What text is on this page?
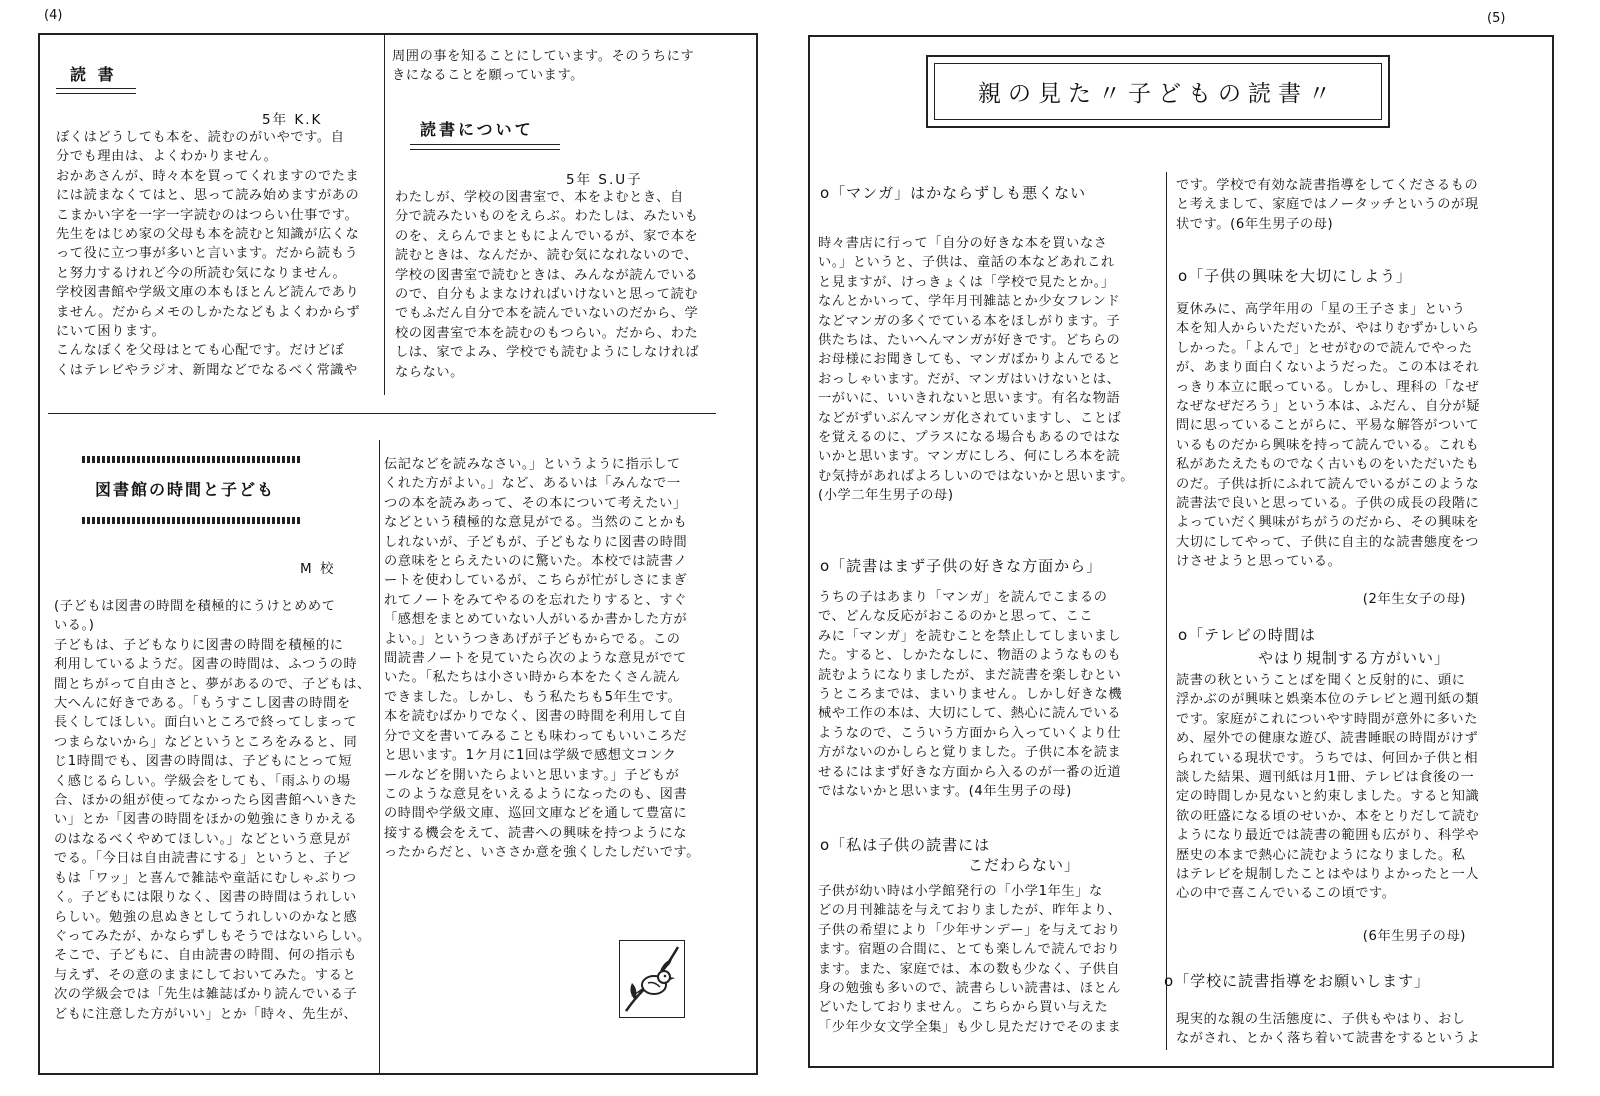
(4)
読 書
5年 K.K

ぼくはどうしても本を、読むのがいやです。自

分でも理由は、よくわかりません。

おかあさんが、時々本を買ってくれますのでたま

には読まなくてはと、思って読み始めますがあの

こまかい字を一字一字読むのはつらい仕事です。

先生をはじめ家の父母も本を読むと知識が広くな

って役に立つ事が多いと言います。だから読もう

と努力するけれど今の所読む気になりません。

学校図書館や学級文庫の本もほとんど読んであり

ません。だからメモのしかたなどもよくわからず

にいて困ります。

こんなぼくを父母はとても心配です。だけどぼ

くはテレビやラジオ、新聞などでなるべく常識や

周囲の事を知ることにしています。そのうちにす

きになることを願っています。

読書について
5年 S.U子

わたしが、学校の図書室で、本をよむとき、自

分で読みたいものをえらぶ。わたしは、みたいも

のを、えらんでまともによんでいるが、家で本を

読むときは、なんだか、読む気になれないので、

学校の図書室で読むときは、みんなが読んでいる

ので、自分もよまなければいけないと思って読む

でもふだん自分で本を読んでいないのだから、学

校の図書室で本を読むのもつらい。だから、わた

しは、家でよみ、学校でも読むようにしなければ

ならない。

図書館の時間と子ども
M 校

(子どもは図書の時間を積極的にうけとめめて

いる。)

子どもは、子どもなりに図書の時間を積極的に

利用しているようだ。図書の時間は、ふつうの時

間とちがって自由さと、夢があるので、子どもは、

大へんに好きである。「もうすこし図書の時間を

長くしてほしい。面白いところで終ってしまって

つまらないから」などというところをみると、同

じ1時間でも、図書の時間は、子どもにとって短

く感じるらしい。学級会をしても、「雨ふりの場

合、ほかの組が使ってなかったら図書館へいきた

い」とか「図書の時間をほかの勉強にきりかえる

のはなるべくやめてほしい。」などという意見が

でる。「今日は自由読書にする」というと、子ど

もは「ワッ」と喜んで雑誌や童話にむしゃぶりつ

く。子どもには限りなく、図書の時間はうれしい

らしい。勉強の息ぬきとしてうれしいのかなと感

ぐってみたが、かならずしもそうではないらしい。

そこで、子どもに、自由読書の時間、何の指示も

与えず、その意のままにしておいてみた。すると

次の学級会では「先生は雑誌ばかり読んでいる子

どもに注意した方がいい」とか「時々、先生が、

伝記などを読みなさい。」というように指示して

くれた方がよい。」など、あるいは「みんなで一

つの本を読みあって、その本について考えたい」

などという積極的な意見がでる。当然のことかも

しれないが、子どもが、子どもなりに図書の時間

の意味をとらえたいのに驚いた。本校では読書ノ

ートを使わしているが、こちらが忙がしさにまぎ

れてノートをみてやるのを忘れたりすると、すぐ

「感想をまとめていない人がいるか書かした方が

よい。」というつきあげが子どもからでる。この

間読書ノートを見ていたら次のような意見がでて

いた。「私たちは小さい時から本をたくさん読ん

できました。しかし、もう私たちも5年生です。

本を読むばかりでなく、図書の時間を利用して自

分で文を書いてみることも味わってもいいころだ

と思います。1ケ月に1回は学級で感想文コンク

ールなどを開いたらよいと思います。」子どもが

このような意見をいえるようになったのも、図書

の時間や学級文庫、巡回文庫などを通して豊富に

接する機会をえて、読書への興味を持つようにな

ったからだと、いささか意を強くしたしだいです。

(5)
親の見た〃子どもの読書〃
o「マンガ」はかならずしも悪くない

時々書店に行って「自分の好きな本を買いなさ

い。」というと、子供は、童話の本などあれこれ

と見ますが、けっきょくは「学校で見たとか。」

なんとかいって、学年月刊雑誌とか少女フレンド

などマンガの多くでている本をほしがります。子

供たちは、たいへんマンガが好きです。どちらの

お母様にお聞きしても、マンガばかりよんでると

おっしゃいます。だが、マンガはいけないとは、

一がいに、いいきれないと思います。有名な物語

などがずいぶんマンガ化されていますし、ことば

を覚えるのに、プラスになる場合もあるのではな

いかと思います。マンガにしろ、何にしろ本を読

む気持があればよろしいのではないかと思います。

(小学二年生男子の母)

o「読書はまず子供の好きな方面から」

うちの子はあまり「マンガ」を読んでこまるの

で、どんな反応がおこるのかと思って、ここ

みに「マンガ」を読むことを禁止してしまいまし

た。すると、しかたなしに、物語のようなものも

読むようになりましたが、まだ読書を楽しむとい

うところまでは、まいりません。しかし好きな機

械や工作の本は、大切にして、熱心に読んでいる

ようなので、こういう方面から入っていくより仕

方がないのかしらと覚りました。子供に本を読ま

せるにはまず好きな方面から入るのが一番の近道

ではないかと思います。(4年生男子の母)

o「私は子供の読書には
こだわらない」

子供が幼い時は小学館発行の「小学1年生」な

どの月刊雑誌を与えておりましたが、昨年より、

子供の希望により「少年サンデー」を与えており

ます。宿題の合間に、とても楽しんで読んでおり

ます。また、家庭では、本の数も少なく、子供自

身の勉強も多いので、読書らしい読書は、ほとん

どいたしておりません。こちらから買い与えた

「少年少女文学全集」も少し見ただけでそのまま

です。学校で有効な読書指導をしてくださるもの

と考えまして、家庭ではノータッチというのが現

状です。(6年生男子の母)

o「子供の興味を大切にしよう」

夏休みに、高学年用の「星の王子さま」という

本を知人からいただいたが、やはりむずかしいら

しかった。「よんで」とせがむので読んでやった

が、あまり面白くないようだった。この本はそれ

っきり本立に眠っている。しかし、理科の「なぜ

なぜなぜだろう」という本は、ふだん、自分が疑

問に思っていることがらに、平易な解答がついて

いるものだから興味を持って読んでいる。これも

私があたえたものでなく古いものをいただいたも

のだ。子供は折にふれて読んでいるがこのような

読書法で良いと思っている。子供の成長の段階に

よっていだく興味がちがうのだから、その興味を

大切にしてやって、子供に自主的な読書態度をつ

けさせようと思っている。

(2年生女子の母)
o「テレビの時間は
やはり規制する方がいい」

読書の秋ということばを聞くと反射的に、頭に

浮かぶのが興味と娯楽本位のテレビと週刊紙の類

です。家庭がこれについやす時間が意外に多いた

め、屋外での健康な遊び、読書睡眠の時間がけず

られている現状です。うちでは、何回か子供と相

談した結果、週刊紙は月1冊、テレビは食後の一

定の時間しか見ないと約束しました。すると知識

欲の旺盛になる頃のせいか、本をとりだして読む

ようになり最近では読書の範囲も広がり、科学や

歴史の本まで熱心に読むようになりました。私

はテレビを規制したことはやはりよかったと一人

心の中で喜こんでいるこの頃です。

(6年生男子の母)
o「学校に読書指導をお願いします」

現実的な親の生活態度に、子供もやはり、おし

ながされ、とかく落ち着いて読書をするというよ
